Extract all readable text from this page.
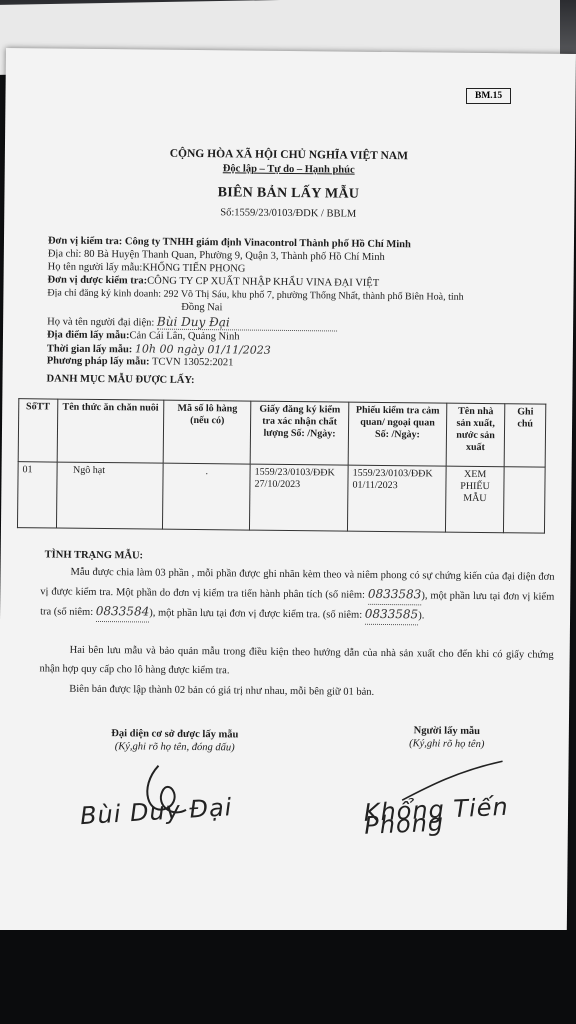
CỘNG HÒA XÃ HỘI CHỦ NGHĨA VIỆT NAM
Độc lập – Tự do – Hạnh phúc
BIÊN BẢN LẤY MẪU
Số:1559/23/0103/ĐDK / BBLM
Đơn vị kiểm tra: Công ty TNHH giám định Vinacontrol Thành phố Hồ Chí Minh
Địa chỉ: 80 Bà Huyện Thanh Quan, Phường 9, Quận 3, Thành phố Hồ Chí Minh
Họ tên người lấy mẫu:KHỔNG TIẾN PHONG
Đơn vị được kiểm tra:CÔNG TY CP XUẤT NHẬP KHẨU VINA ĐẠI VIỆT
Địa chỉ đăng ký kinh doanh: 292 Võ Thị Sáu, khu phố 7, phường Thống Nhất, thành phố Biên Hoà, tỉnh
Đồng Nai
Họ và tên người đại diện: Bùi Duy Đại
Địa điểm lấy mẫu:Cản Cái Lân, Quảng Ninh
Thời gian lấy mẫu: 10h 00 ngày 01/11/2023
Phương pháp lấy mẫu: TCVN 13052:2021
DANH MỤC MẪU ĐƯỢC LẤY:
SốTT	Tên thức ăn chăn nuôi	Mã số lô hàng (nếu có)	Giấy đăng ký kiểm tra xác nhận chất lượng Số: /Ngày:	Phiếu kiểm tra cảm quan/ ngoại quan Số: /Ngày:	Tên nhà sản xuất, nước sản xuất	Ghi chú
01	Ngô hạt	.	1559/23/0103/ĐĐK 27/10/2023	1559/23/0103/ĐĐK 01/11/2023	XEM PHIẾU MẪU	
TÌNH TRẠNG MẪU:
Mẫu được chia làm 03 phần , mỗi phần được ghi nhãn kèm theo và niêm phong có sự chứng kiến của đại diện đơn vị được kiểm tra. Một phần do đơn vị kiểm tra tiến hành phân tích (số niêm: 0833583), một phần lưu tại đơn vị kiểm tra (số niêm: 0833584), một phần lưu tại đơn vị được kiểm tra. (số niêm: 0833585).
Hai bên lưu mẫu và bảo quản mẫu trong điều kiện theo hướng dẫn của nhà sản xuất cho đến khi có giấy chứng nhận hợp quy cấp cho lô hàng được kiểm tra.
Biên bản được lập thành 02 bản có giá trị như nhau, mỗi bên giữ 01 bản.
Đại diện cơ sở được lấy mẫu
(Ký,ghi rõ họ tên, đóng dấu)
Người lấy mẫu
(Ký,ghi rõ họ tên)
Bùi Duy Đại	Khổng Tiến Phong
BM.15
